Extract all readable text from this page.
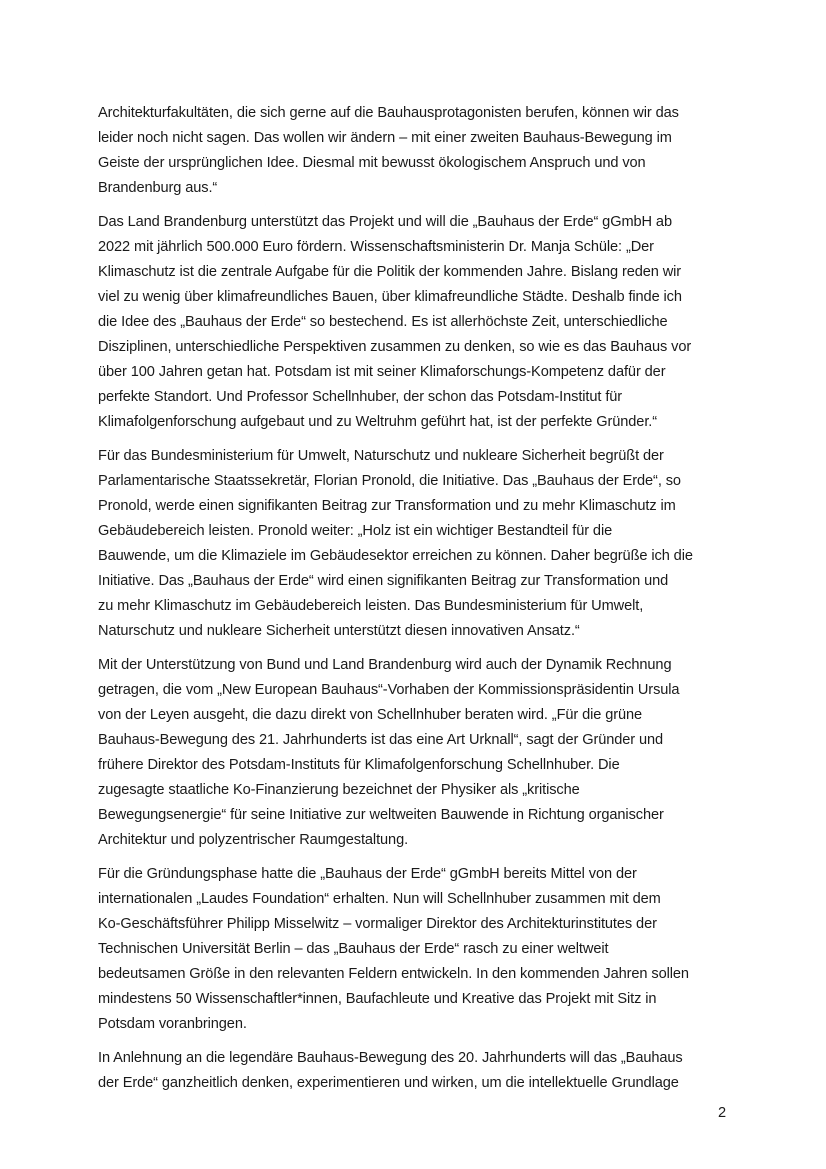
Architekturfakultäten, die sich gerne auf die Bauhausprotagonisten berufen, können wir das
leider noch nicht sagen. Das wollen wir ändern – mit einer zweiten Bauhaus-Bewegung im
Geiste der ursprünglichen Idee. Diesmal mit bewusst ökologischem Anspruch und von
Brandenburg aus.“

Das Land Brandenburg unterstützt das Projekt und will die „Bauhaus der Erde“ gGmbH ab
2022 mit jährlich 500.000 Euro fördern. Wissenschaftsministerin Dr. Manja Schüle: „Der
Klimaschutz ist die zentrale Aufgabe für die Politik der kommenden Jahre. Bislang reden wir
viel zu wenig über klimafreundliches Bauen, über klimafreundliche Städte. Deshalb finde ich
die Idee des „Bauhaus der Erde“ so bestechend. Es ist allerhöchste Zeit, unterschiedliche
Disziplinen, unterschiedliche Perspektiven zusammen zu denken, so wie es das Bauhaus vor
über 100 Jahren getan hat. Potsdam ist mit seiner Klimaforschungs-Kompetenz dafür der
perfekte Standort. Und Professor Schellnhuber, der schon das Potsdam-Institut für
Klimafolgenforschung aufgebaut und zu Weltruhm geführt hat, ist der perfekte Gründer.“

Für das Bundesministerium für Umwelt, Naturschutz und nukleare Sicherheit begrüßt der
Parlamentarische Staatssekretär, Florian Pronold, die Initiative. Das „Bauhaus der Erde“, so
Pronold, werde einen signifikanten Beitrag zur Transformation und zu mehr Klimaschutz im
Gebäudebereich leisten. Pronold weiter: „Holz ist ein wichtiger Bestandteil für die
Bauwende, um die Klimaziele im Gebäudesektor erreichen zu können. Daher begrüße ich die
Initiative. Das „Bauhaus der Erde“ wird einen signifikanten Beitrag zur Transformation und
zu mehr Klimaschutz im Gebäudebereich leisten. Das Bundesministerium für Umwelt,
Naturschutz und nukleare Sicherheit unterstützt diesen innovativen Ansatz.“

Mit der Unterstützung von Bund und Land Brandenburg wird auch der Dynamik Rechnung
getragen, die vom „New European Bauhaus“-Vorhaben der Kommissionspräsidentin Ursula
von der Leyen ausgeht, die dazu direkt von Schellnhuber beraten wird. „Für die grüne
Bauhaus-Bewegung des 21. Jahrhunderts ist das eine Art Urknall“, sagt der Gründer und
frühere Direktor des Potsdam-Instituts für Klimafolgenforschung Schellnhuber. Die
zugesagte staatliche Ko-Finanzierung bezeichnet der Physiker als „kritische
Bewegungsenergie“ für seine Initiative zur weltweiten Bauwende in Richtung organischer
Architektur und polyzentrischer Raumgestaltung.

Für die Gründungsphase hatte die „Bauhaus der Erde“ gGmbH bereits Mittel von der
internationalen „Laudes Foundation“ erhalten. Nun will Schellnhuber zusammen mit dem
Ko-Geschäftsführer Philipp Misselwitz – vormaliger Direktor des Architekturinstitutes der
Technischen Universität Berlin – das „Bauhaus der Erde“ rasch zu einer weltweit
bedeutsamen Größe in den relevanten Feldern entwickeln. In den kommenden Jahren sollen
mindestens 50 Wissenschaftler*innen, Baufachleute und Kreative das Projekt mit Sitz in
Potsdam voranbringen.

In Anlehnung an die legendäre Bauhaus-Bewegung des 20. Jahrhunderts will das „Bauhaus
der Erde“ ganzheitlich denken, experimentieren und wirken, um die intellektuelle Grundlage

2
